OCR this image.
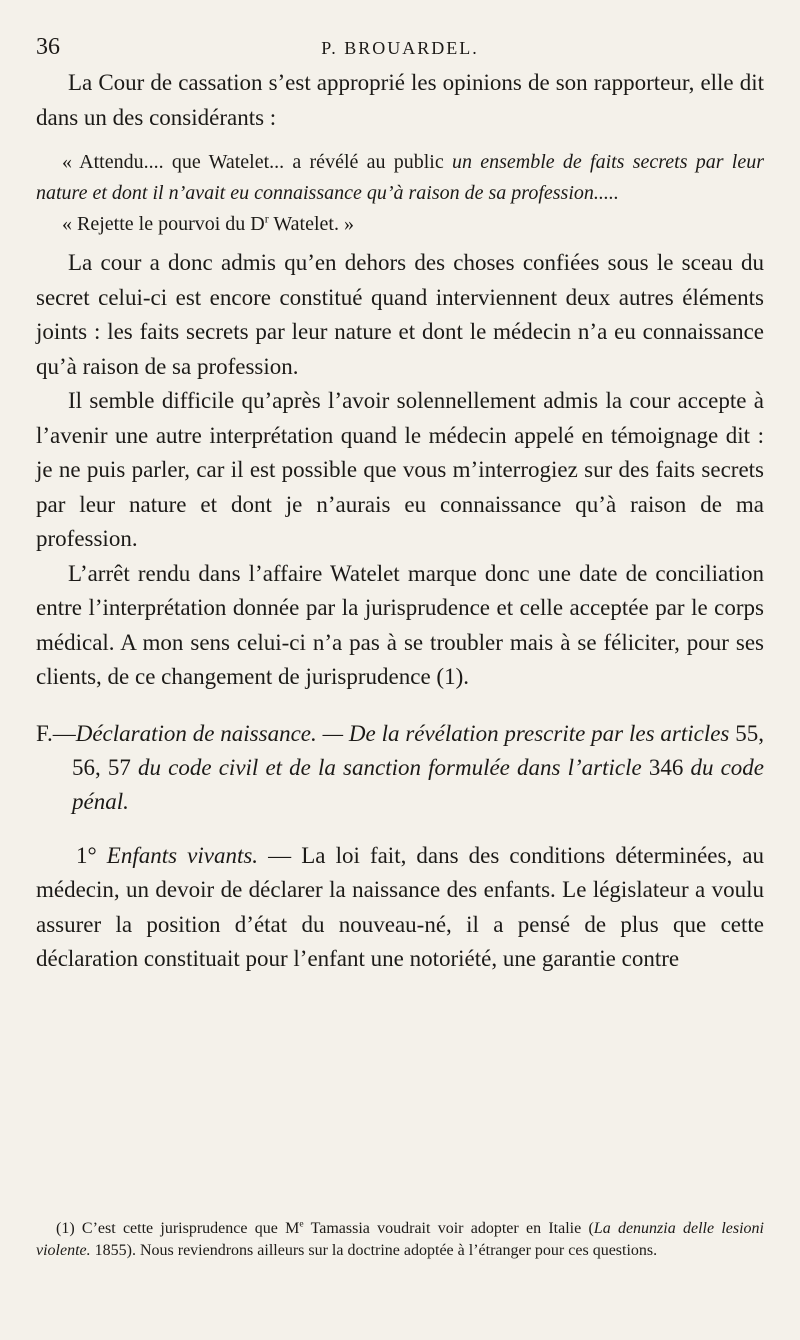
36	P. BROUARDEL.

La Cour de cassation s’est approprié les opinions de son rapporteur, elle dit dans un des considérants :

« Attendu.... que Watelet... a révélé au public un ensemble de faits secrets par leur nature et dont il n’avait eu connaissance qu’à raison de sa profession.....

« Rejette le pourvoi du $D^r$ Watelet. »

La cour a donc admis qu’en dehors des choses confiées sous le sceau du secret celui-ci est encore constitué quand interviennent deux autres éléments joints : les faits secrets par leur nature et dont le médecin n’a eu connaissance qu’à raison de sa profession.

Il semble difficile qu’après l’avoir solennellement admis la cour accepte à l’avenir une autre interprétation quand le médecin appelé en témoignage dit : je ne puis parler, car il est possible que vous m’interrogiez sur des faits secrets par leur nature et dont je n’aurais eu connaissance qu’à raison de ma profession.

L’arrêt rendu dans l’affaire Watelet marque donc une date de conciliation entre l’interprétation donnée par la jurisprudence et celle acceptée par le corps médical. A mon sens celui-ci n’a pas à se troubler mais à se féliciter, pour ses clients, de ce changement de jurisprudence (1).

F.—Déclaration de naissance. — De la révélation prescrite par les articles 55, 56, 57 du code civil et de la sanction formulée dans l’article 346 du code pénal.

1° Enfants vivants. — La loi fait, dans des conditions déterminées, au médecin, un devoir de déclarer la naissance des enfants. Le législateur a voulu assurer la position d’état du nouveau-né, il a pensé de plus que cette déclaration constituait pour l’enfant une notoriété, une garantie contre

(1) C’est cette jurisprudence que Me Tamassia voudrait voir adopter en Italie (La denunzia delle lesioni violente. 1855). Nous reviendrons ailleurs sur la doctrine adoptée à l’étranger pour ces questions.
